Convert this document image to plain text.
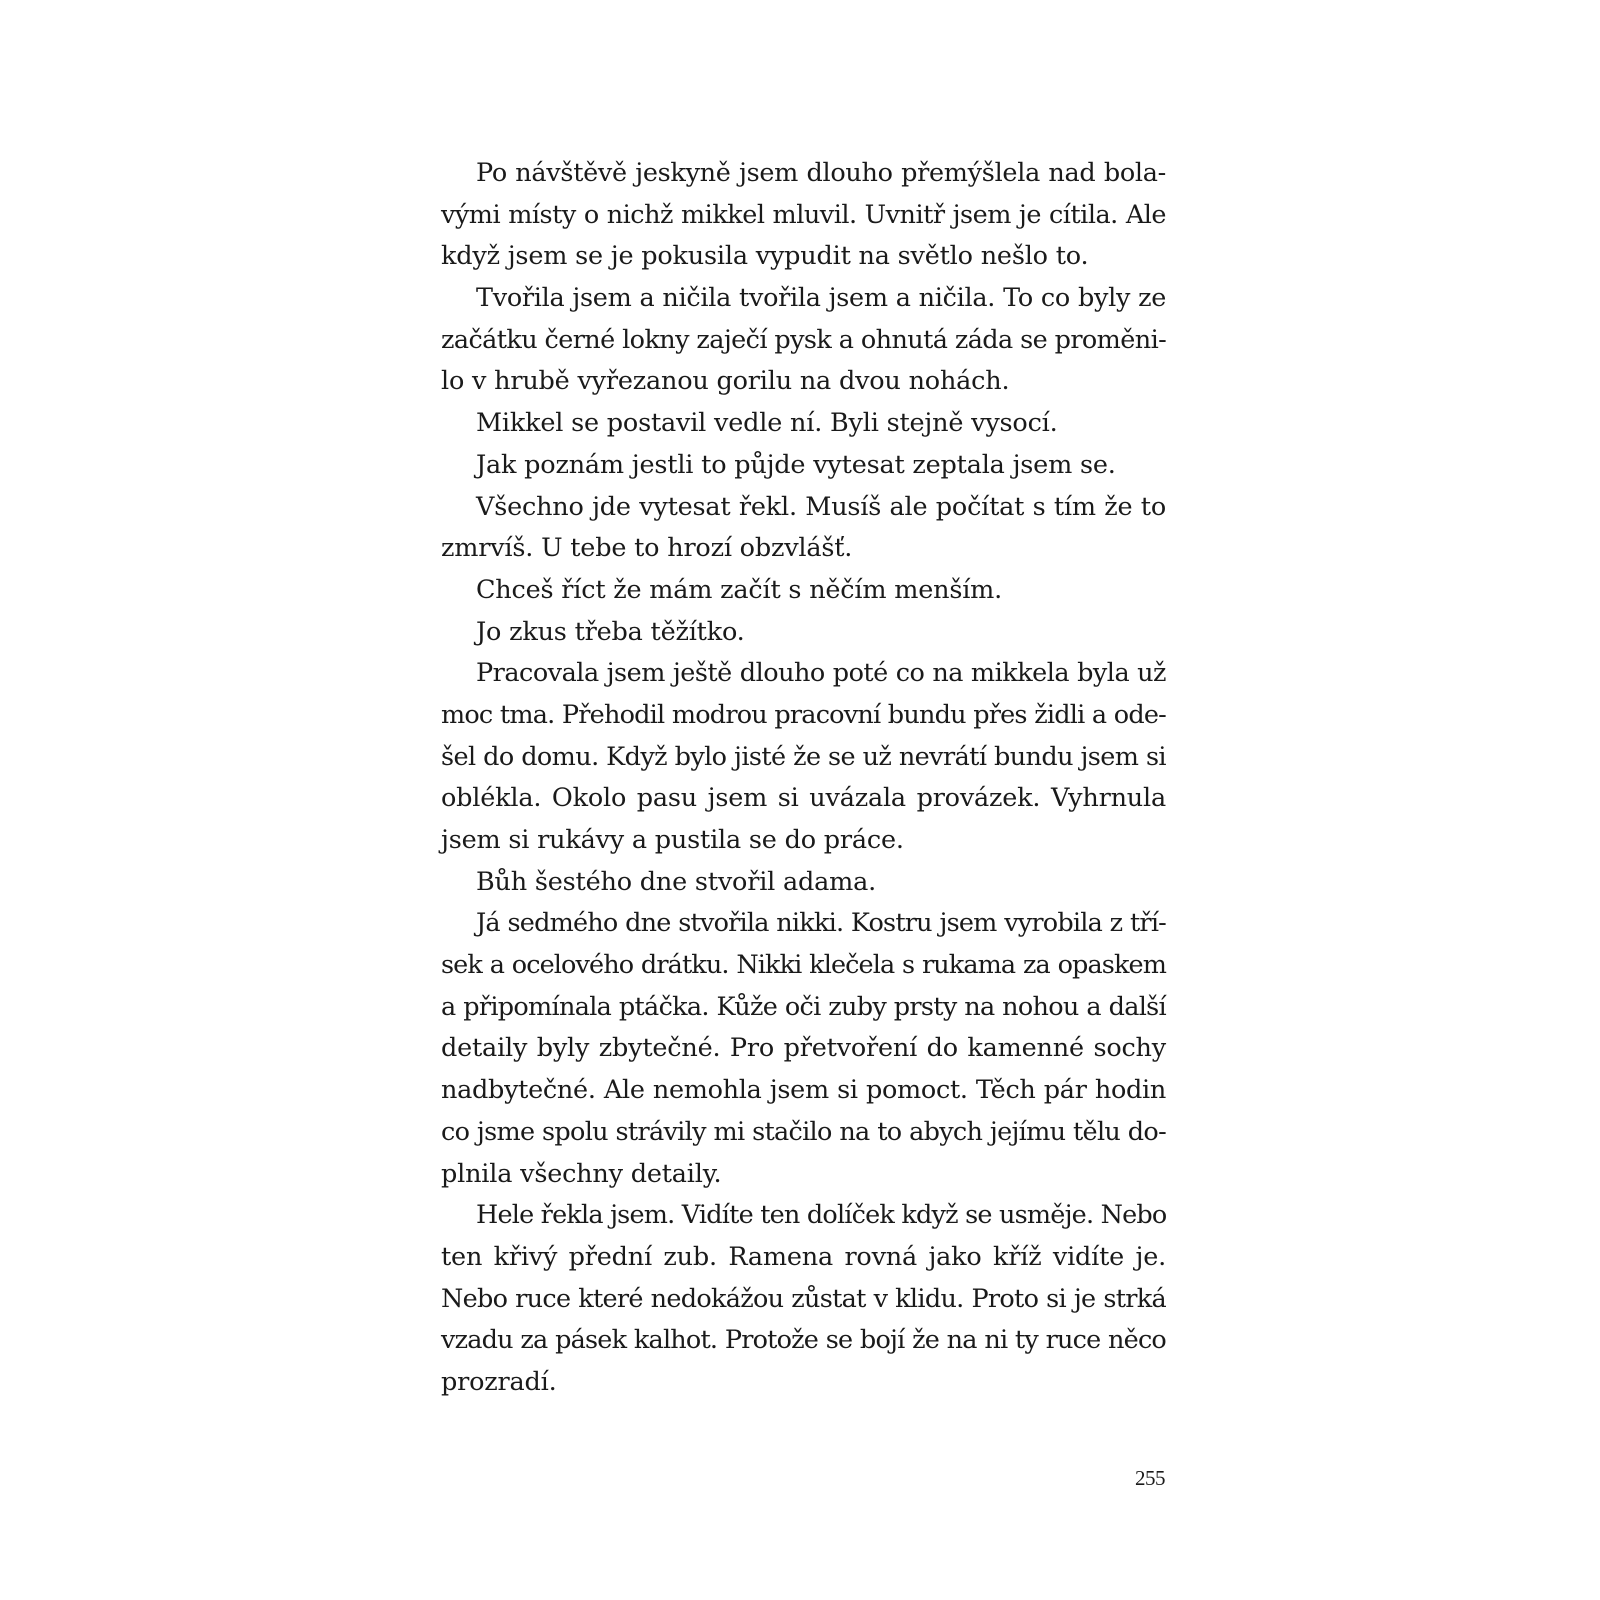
Po návštěvě jeskyně jsem dlouho přemýšlela nad bola-
vými místy o nichž mikkel mluvil. Uvnitř jsem je cítila. Ale
když jsem se je pokusila vypudit na světlo nešlo to.
Tvořila jsem a ničila tvořila jsem a ničila. To co byly ze
začátku černé lokny zaječí pysk a ohnutá záda se proměni-
lo v hrubě vyřezanou gorilu na dvou nohách.
Mikkel se postavil vedle ní. Byli stejně vysocí.
Jak poznám jestli to půjde vytesat zeptala jsem se.
Všechno jde vytesat řekl. Musíš ale počítat s tím že to
zmrvíš. U tebe to hrozí obzvlášť.
Chceš říct že mám začít s něčím menším.
Jo zkus třeba těžítko.
Pracovala jsem ještě dlouho poté co na mikkela byla už
moc tma. Přehodil modrou pracovní bundu přes židli a ode-
šel do domu. Když bylo jisté že se už nevrátí bundu jsem si
oblékla. Okolo pasu jsem si uvázala provázek. Vyhrnula
jsem si rukávy a pustila se do práce.
Bůh šestého dne stvořil adama.
Já sedmého dne stvořila nikki. Kostru jsem vyrobila z tří-
sek a ocelového drátku. Nikki klečela s rukama za opaskem
a připomínala ptáčka. Kůže oči zuby prsty na nohou a další
detaily byly zbytečné. Pro přetvoření do kamenné sochy
nadbytečné. Ale nemohla jsem si pomoct. Těch pár hodin
co jsme spolu strávily mi stačilo na to abych jejímu tělu do-
plnila všechny detaily.
Hele řekla jsem. Vidíte ten dolíček když se usměje. Nebo
ten křivý přední zub. Ramena rovná jako kříž vidíte je.
Nebo ruce které nedokážou zůstat v klidu. Proto si je strká
vzadu za pásek kalhot. Protože se bojí že na ni ty ruce něco
prozradí.
255
